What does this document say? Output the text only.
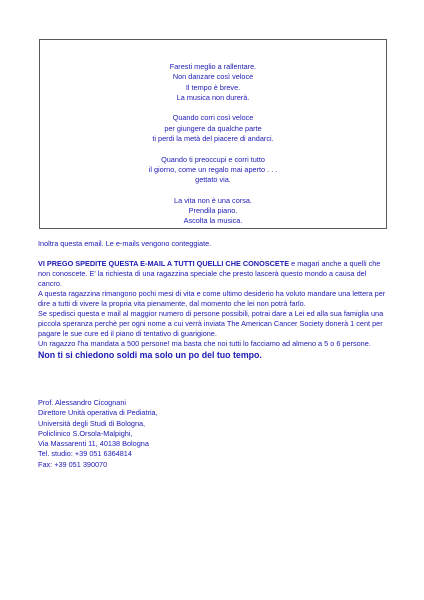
Faresti meglio a rallentare.
Non danzare così veloce
Il tempo è breve.
La musica non durerà.

Quando corri così veloce
per giungere da qualche parte
ti perdi la metà del piacere di andarci.

Quando ti preoccupi e corri tutto
il giorno, come un regalo mai aperto . . .
gettato via.

La vita non è una corsa.
Prendila piano.
Ascolta la musica.

Inoltra questa email. Le e-mails vengono conteggiate.

VI PREGO SPEDITE QUESTA E-MAIL A TUTTI QUELLI CHE CONOSCETE e magari anche a quelli che non conoscete. E' la richiesta di una ragazzina speciale che presto lascerà questo mondo a causa del cancro.

A questa ragazzina rimangono pochi mesi di vita e come ultimo desiderio ha voluto mandare una lettera per dire a tutti di vivere la propria vita pienamente, dal momento che lei non potrà farlo.

Se spedisci questa e mail al maggior numero di persone possibili, potrai dare a Lei ed alla sua famiglia una piccola speranza perchè per ogni nome a cui verrà inviata The American Cancer Society donerà 1 cent per pagare le sue cure ed il piano di tentativo di guarigione.

Un ragazzo l'ha mandata a 500 persone! ma basta che noi tutti lo facciamo ad almeno a 5 o 6 persone.

Non ti si chiedono soldi ma solo un po del tuo tempo.

Prof. Alessandro Cicognani
Direttore Unità operativa di Pediatria,
Università degli Studi di Bologna,
Policlinico S.Orsola-Malpighi,
Via Massarenti 11, 40138 Bologna
Tel. studio: +39 051 6364814
Fax: +39 051 390070
